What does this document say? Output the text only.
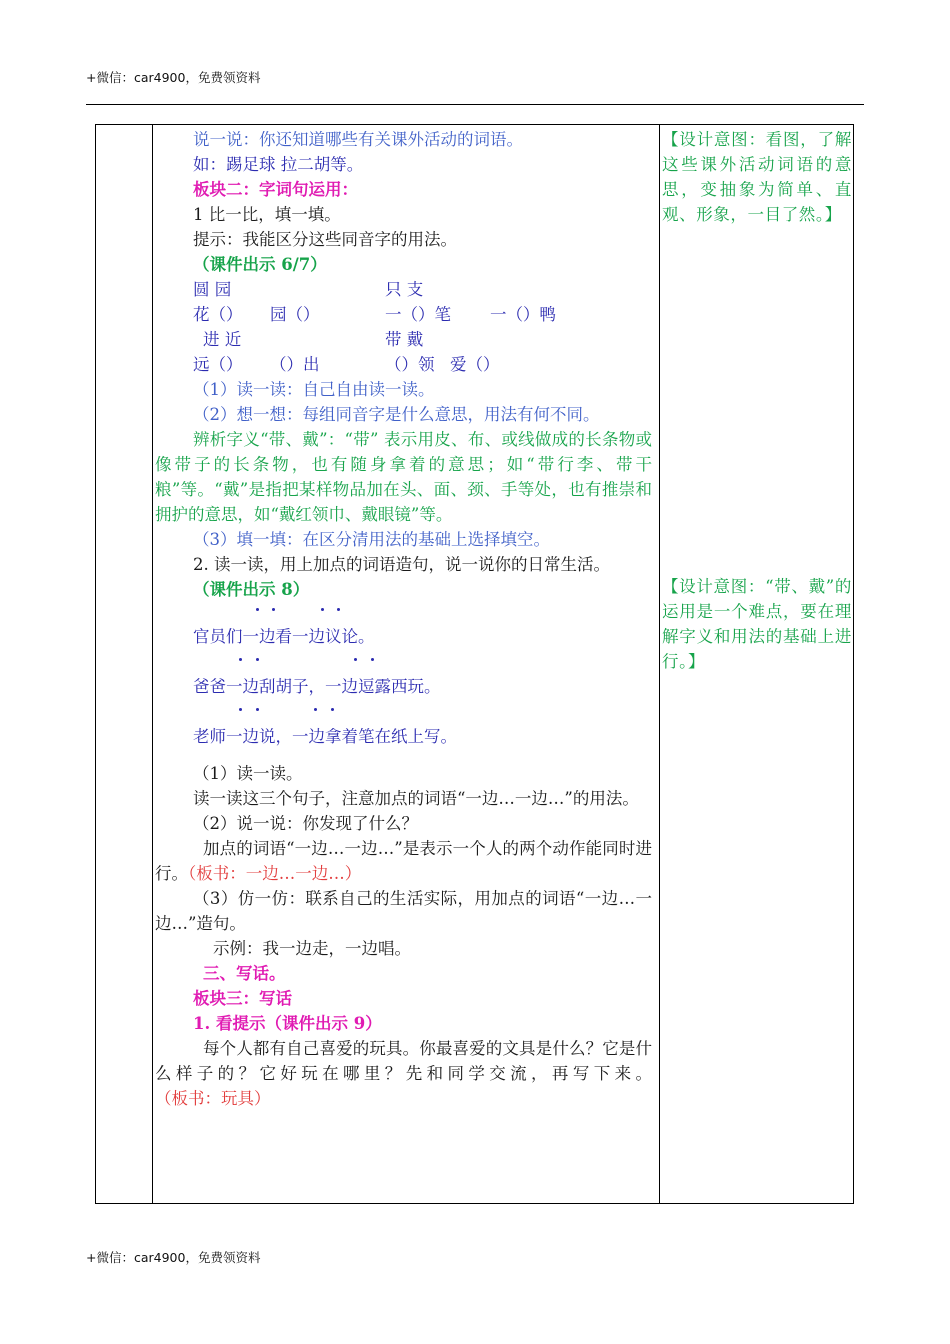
+微信：car4900，免费领资料

说一说：你还知道哪些有关课外活动的词语。

如：踢足球 拉二胡等。

板块二：字词句运用：

1 比一比，填一填。

提示：我能区分这些同音字的用法。

（课件出示 6/7）

圆 园	只 支
花（） 园（）	一（）笔 一（）鸭
进 近	带 戴
远（） （）出	（）领 爱（）

（1）读一读：自己自由读一读。

（2）想一想：每组同音字是什么意思，用法有何不同。

辨析字义“带、戴”：“带” 表示用皮、布、或线做成的长条物或像带子的长条物，也有随身拿着的意思；如“带行李、带干粮”等。“戴”是指把某样物品加在头、面、颈、手等处，也有推崇和拥护的意思，如“戴红领巾、戴眼镜”等。

（3）填一填：在区分清用法的基础上选择填空。

2. 读一读，用上加点的词语造句，说一说你的日常生活。

（课件出示 8）

官员们一边看一边议论。
爸爸一边刮胡子，一边逗露西玩。
老师一边说，一边拿着笔在纸上写。

（1）读一读。

读一读这三个句子，注意加点的词语“一边…一边…”的用法。

（2）说一说：你发现了什么？

加点的词语“一边…一边…”是表示一个人的两个动作能同时进行。（板书：一边…一边…）

（3）仿一仿：联系自己的生活实际，用加点的词语“一边…一边…”造句。

示例：我一边走，一边唱。

三、写话。

板块三：写话

1. 看提示（课件出示 9）

每个人都有自己喜爱的玩具。你最喜爱的文具是什么？它是什么样子的？它好玩在哪里？先和同学交流，再写下来。（板书：玩具）

【设计意图：看图，了解这些课外活动词语的意思，变抽象为简单、直观、形象，一目了然。】

【设计意图：“带、戴”的运用是一个难点，要在理解字义和用法的基础上进行。】

+微信：car4900，免费领资料
